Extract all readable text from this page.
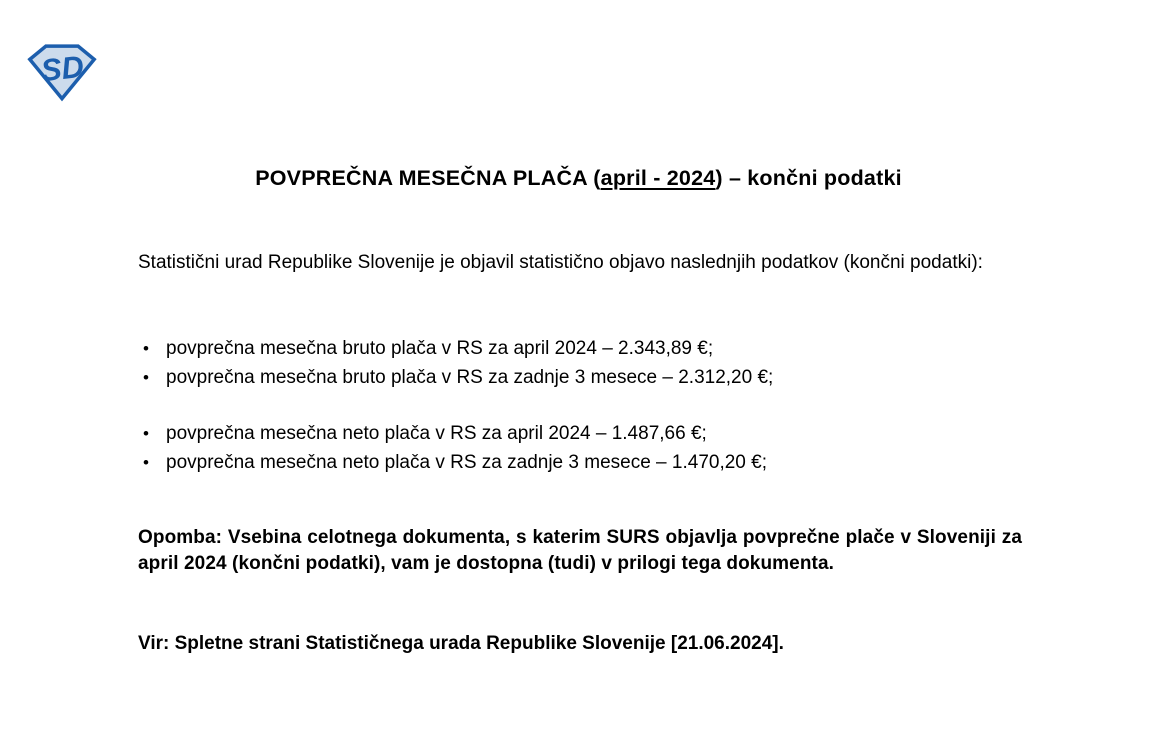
SD
POVPREČNA MESEČNA PLAČA (april - 2024) – končni podatki
Statistični urad Republike Slovenije je objavil statistično objavo naslednjih podatkov (končni podatki):
• povprečna mesečna bruto plača v RS za april 2024 – 2.343,89 €;
• povprečna mesečna bruto plača v RS za zadnje 3 mesece – 2.312,20 €;
• povprečna mesečna neto plača v RS za april 2024 – 1.487,66 €;
• povprečna mesečna neto plača v RS za zadnje 3 mesece – 1.470,20 €;
Opomba: Vsebina celotnega dokumenta, s katerim SURS objavlja povprečne plače v Sloveniji za april 2024 (končni podatki), vam je dostopna (tudi) v prilogi tega dokumenta.
Vir: Spletne strani Statističnega urada Republike Slovenije [21.06.2024].
